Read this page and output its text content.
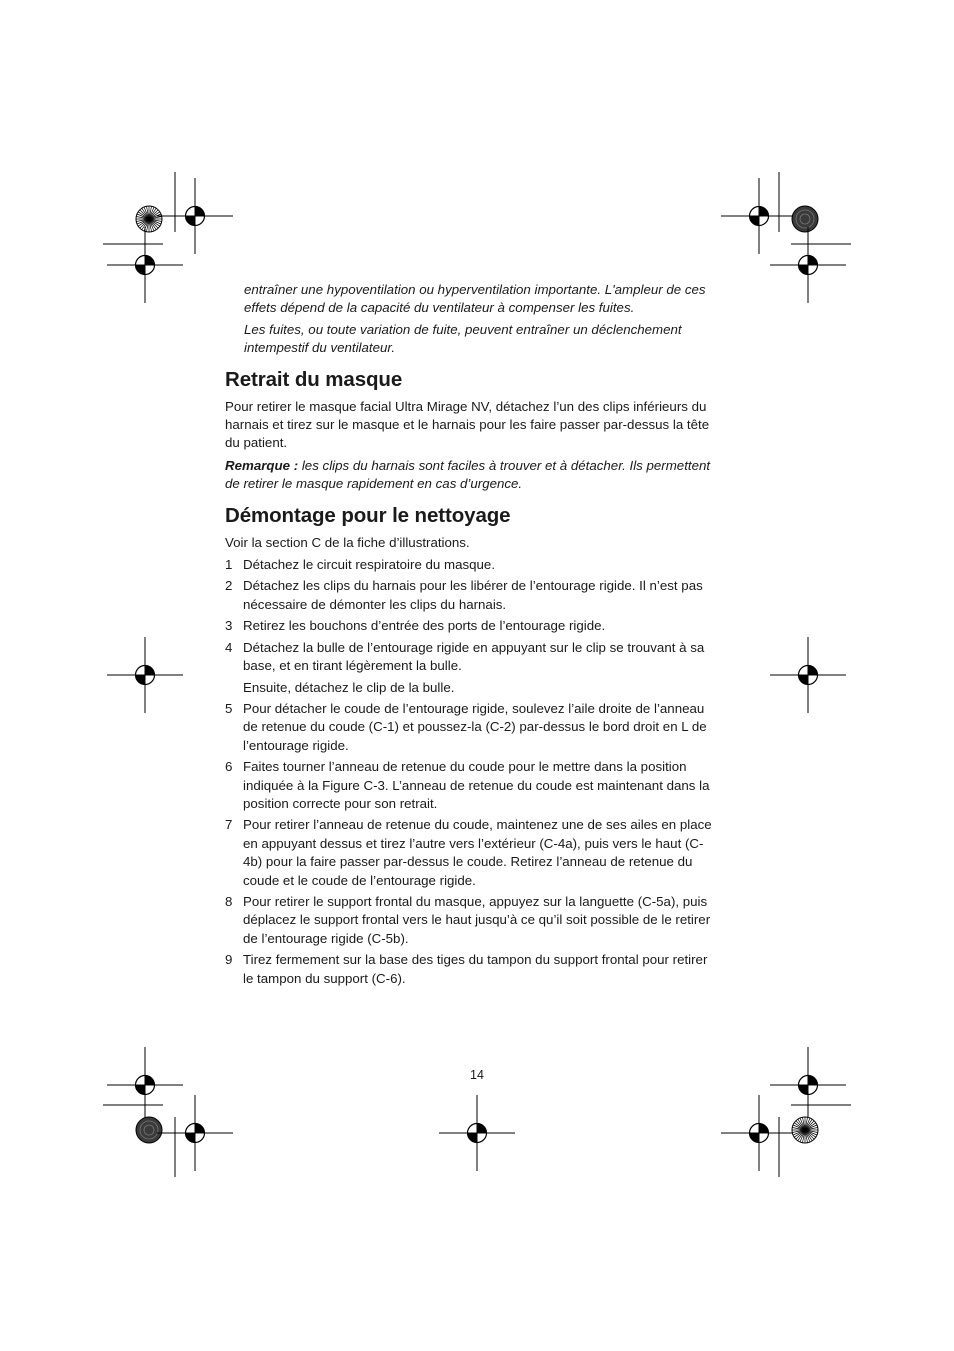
entraîner une hypoventilation ou hyperventilation importante. L'ampleur de ces effets dépend de la capacité du ventilateur à compenser les fuites.

Les fuites, ou toute variation de fuite, peuvent entraîner un déclenchement intempestif du ventilateur.

Retrait du masque

Pour retirer le masque facial Ultra Mirage NV, détachez l’un des clips inférieurs du harnais et tirez sur le masque et le harnais pour les faire passer par-dessus la tête du patient.

Remarque : les clips du harnais sont faciles à trouver et à détacher. Ils permettent de retirer le masque rapidement en cas d’urgence.

Démontage pour le nettoyage

Voir la section C de la fiche d’illustrations.

1 Détachez le circuit respiratoire du masque.

2 Détachez les clips du harnais pour les libérer de l’entourage rigide. Il n’est pas nécessaire de démonter les clips du harnais.

3 Retirez les bouchons d’entrée des ports de l’entourage rigide.

4 Détachez la bulle de l’entourage rigide en appuyant sur le clip se trouvant à sa base, et en tirant légèrement la bulle.

Ensuite, détachez le clip de la bulle.

5 Pour détacher le coude de l’entourage rigide, soulevez l’aile droite de l’anneau de retenue du coude (C-1) et poussez-la (C-2) par-dessus le bord droit en L de l’entourage rigide.

6 Faites tourner l’anneau de retenue du coude pour le mettre dans la position indiquée à la Figure C-3. L’anneau de retenue du coude est maintenant dans la position correcte pour son retrait.

7 Pour retirer l’anneau de retenue du coude, maintenez une de ses ailes en place en appuyant dessus et tirez l’autre vers l’extérieur (C-4a), puis vers le haut (C-4b) pour la faire passer par-dessus le coude. Retirez l’anneau de retenue du coude et le coude de l’entourage rigide.

8 Pour retirer le support frontal du masque, appuyez sur la languette (C-5a), puis déplacez le support frontal vers le haut jusqu’à ce qu’il soit possible de le retirer de l’entourage rigide (C-5b).

9 Tirez fermement sur la base des tiges du tampon du support frontal pour retirer le tampon du support (C-6).

14
